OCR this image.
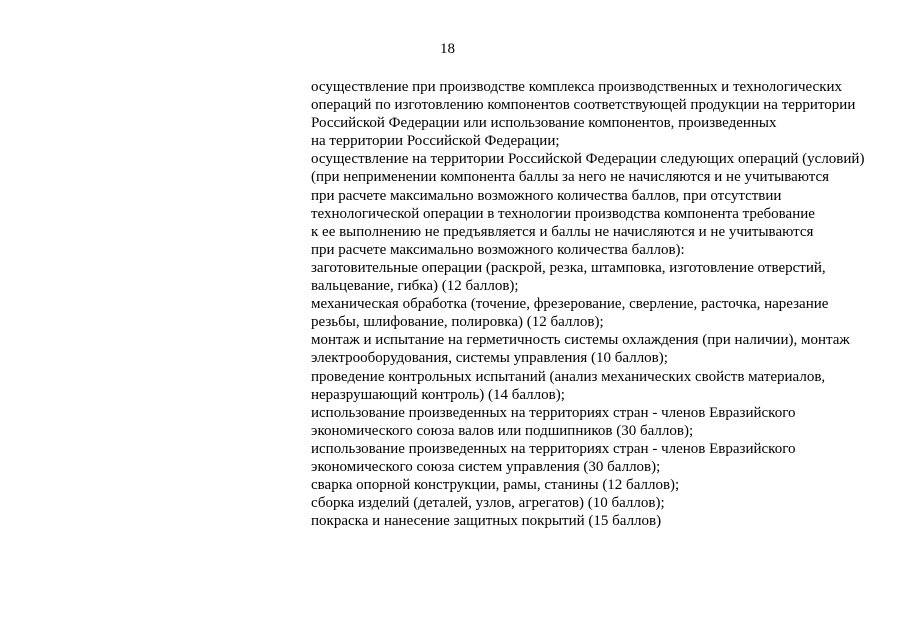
18
осуществление при производстве комплекса производственных и технологических
операций по изготовлению компонентов соответствующей продукции на территории
Российской Федерации или использование компонентов, произведенных
на территории Российской Федерации;
осуществление на территории Российской Федерации следующих операций (условий)
(при неприменении компонента баллы за него не начисляются и не учитываются
при расчете максимально возможного количества баллов, при отсутствии
технологической операции в технологии производства компонента требование
к ее выполнению не предъявляется и баллы не начисляются и не учитываются
при расчете максимально возможного количества баллов):
заготовительные операции (раскрой, резка, штамповка, изготовление отверстий,
вальцевание, гибка) (12 баллов);
механическая обработка (точение, фрезерование, сверление, расточка, нарезание
резьбы, шлифование, полировка) (12 баллов);
монтаж и испытание на герметичность системы охлаждения (при наличии), монтаж
электрооборудования, системы управления (10 баллов);
проведение контрольных испытаний (анализ механических свойств материалов,
неразрушающий контроль) (14 баллов);
использование произведенных на территориях стран - членов Евразийского
экономического союза валов или подшипников (30 баллов);
использование произведенных на территориях стран - членов Евразийского
экономического союза систем управления (30 баллов);
сварка опорной конструкции, рамы, станины (12 баллов);
сборка изделий (деталей, узлов, агрегатов) (10 баллов);
покраска и нанесение защитных покрытий (15 баллов)
